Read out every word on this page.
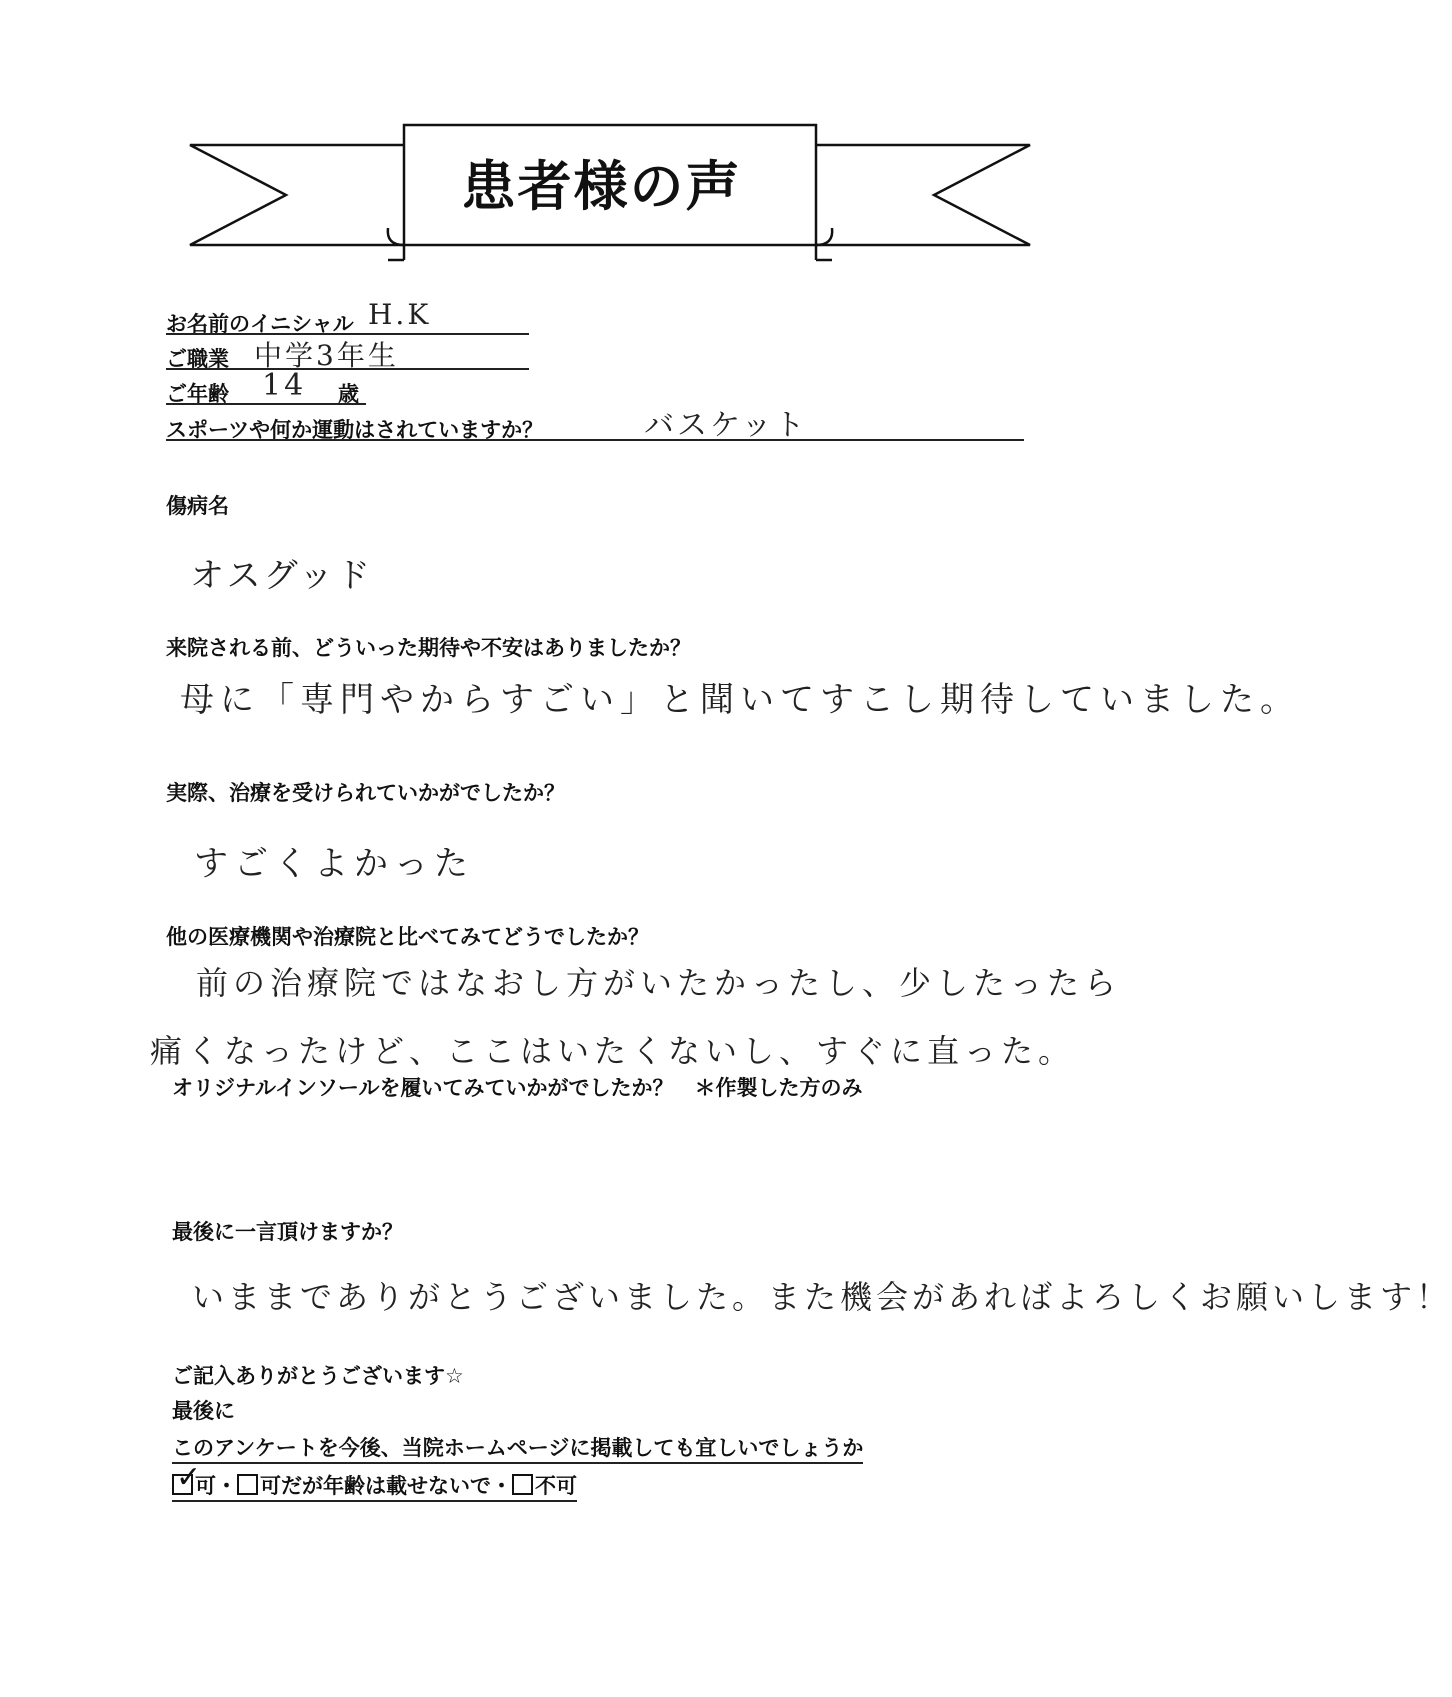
患者様の声
お名前のイニシャル H.K
ご職業 中学3年生
ご年齢 14 歳
スポーツや何か運動はされていますか？	バスケット
傷病名
オスグッド
来院される前、どういった期待や不安はありましたか？
母に「専門やからすごい」と聞いてすこし期待していました。
実際、治療を受けられていかがでしたか？
すごくよかった
他の医療機関や治療院と比べてみてどうでしたか？
前の治療院ではなおし方がいたかったし、少したったら
痛くなったけど、ここはいたくないし、すぐに直った。
オリジナルインソールを履いてみていかがでしたか？　＊作製した方のみ
最後に一言頂けますか？
いままでありがとうございました。また機会があればよろしくお願いします！
ご記入ありがとうございます☆
最後に
このアンケートを今後、当院ホームページに掲載しても宜しいでしょうか
✓
可・ 可だが年齢は載せないで・ 不可
